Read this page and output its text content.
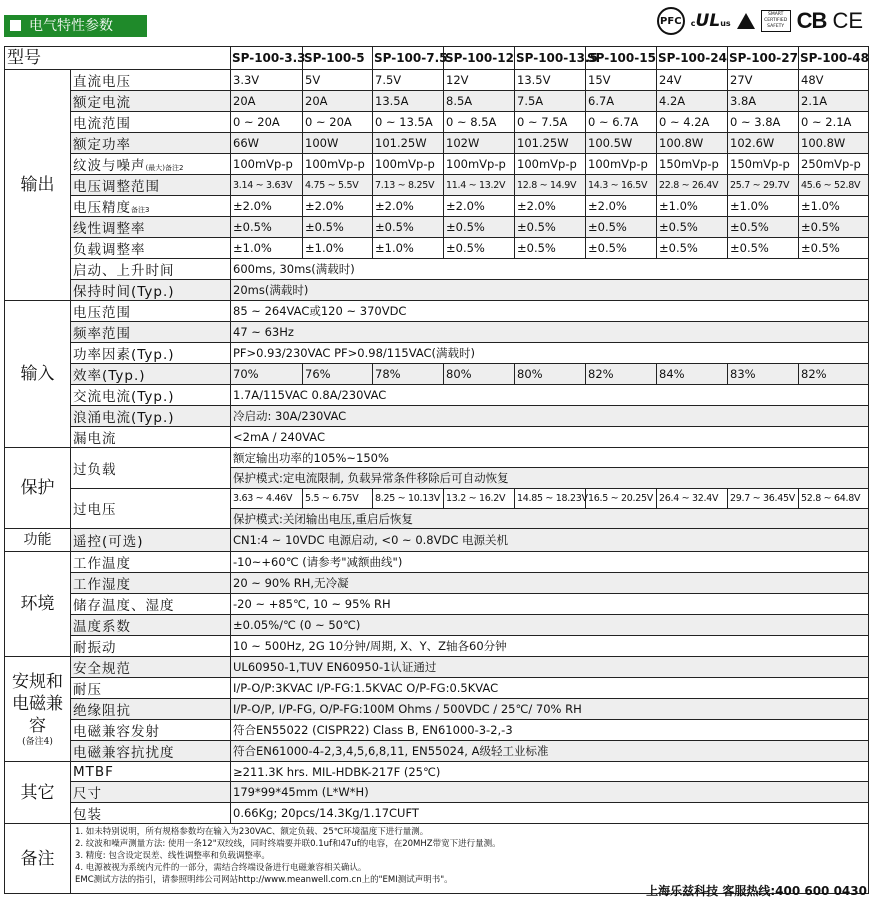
电气特性参数	PFC cULus
SMART CERTIFIED SAFETY CB CE
型号		SP-100-3.3	SP-100-5	SP-100-7.5	SP-100-12	SP-100-13.5	SP-100-15	SP-100-24	SP-100-27	SP-100-48
输出	直流电压	3.3V	5V	7.5V	12V	13.5V	15V	24V	27V	48V
	额定电流	20A	20A	13.5A	8.5A	7.5A	6.7A	4.2A	3.8A	2.1A
	电流范围	0 ~ 20A	0 ~ 20A	0 ~ 13.5A	0 ~ 8.5A	0 ~ 7.5A	0 ~ 6.7A	0 ~ 4.2A	0 ~ 3.8A	0 ~ 2.1A
	额定功率	66W	100W	101.25W	102W	101.25W	100.5W	100.8W	102.6W	100.8W
	纹波与噪声(最大)备注2	100mVp-p	100mVp-p	100mVp-p	100mVp-p	100mVp-p	100mVp-p	150mVp-p	150mVp-p	250mVp-p
	电压调整范围	3.14 ~ 3.63V	4.75 ~ 5.5V	7.13 ~ 8.25V	11.4 ~ 13.2V	12.8 ~ 14.9V	14.3 ~ 16.5V	22.8 ~ 26.4V	25.7 ~ 29.7V	45.6 ~ 52.8V
	电压精度备注3	±2.0%	±2.0%	±2.0%	±2.0%	±2.0%	±2.0%	±1.0%	±1.0%	±1.0%
	线性调整率	±0.5%	±0.5%	±0.5%	±0.5%	±0.5%	±0.5%	±0.5%	±0.5%	±0.5%
	负载调整率	±1.0%	±1.0%	±1.0%	±0.5%	±0.5%	±0.5%	±0.5%	±0.5%	±0.5%
	启动、上升时间	600ms, 30ms(满载时)								
	保持时间(Typ.)	20ms(满载时)								
输入	电压范围	85 ~ 264VAC或120 ~ 370VDC								
	频率范围	47 ~ 63Hz								
	功率因素(Typ.)	PF>0.93/230VAC PF>0.98/115VAC(满载时)								
	效率(Typ.)	70%	76%	78%	80%	80%	82%	84%	83%	82%
	交流电流(Typ.)	1.7A/115VAC 0.8A/230VAC								
	浪涌电流(Typ.)	冷启动: 30A/230VAC								
	漏电流	<2mA / 240VAC								
保护	过负载	额定输出功率的105%~150%								
		保护模式:定电流限制, 负载异常条件移除后可自动恢复								
	过电压	3.63 ~ 4.46V	5.5 ~ 6.75V	8.25 ~ 10.13V	13.2 ~ 16.2V	14.85 ~ 18.23V	16.5 ~ 20.25V	26.4 ~ 32.4V	29.7 ~ 36.45V	52.8 ~ 64.8V
		保护模式:关闭输出电压,重启后恢复								
功能	遥控(可选)	CN1:4 ~ 10VDC 电源启动, <0 ~ 0.8VDC 电源关机								
环境	工作温度	-10~+60℃ (请参考"减额曲线")								
	工作湿度	20 ~ 90% RH,无冷凝								
	储存温度、湿度	-20 ~ +85℃, 10 ~ 95% RH								
	温度系数	±0.05%/℃ (0 ~ 50℃)								
	耐振动	10 ~ 500Hz, 2G 10分钟/周期, X、Y、Z轴各60分钟								
安规和电磁兼容
(备注4)	安全规范	UL60950-1,TUV EN60950-1认证通过								
	耐压	I/P-O/P:3KVAC I/P-FG:1.5KVAC O/P-FG:0.5KVAC								
	绝缘阻抗	I/P-O/P, I/P-FG, O/P-FG:100M Ohms / 500VDC / 25℃/ 70% RH								
	电磁兼容发射	符合EN55022 (CISPR22) Class B, EN61000-3-2,-3								
	电磁兼容抗扰度	符合EN61000-4-2,3,4,5,6,8,11, EN55024, A级轻工业标准								
其它	MTBF	≥211.3K hrs. MIL-HDBK-217F (25℃)								
	尺寸	179*99*45mm (L*W*H)								
	包装	0.66Kg; 20pcs/14.3Kg/1.17CUFT								
备注	1. 如未特别说明，所有规格参数均在输入为230VAC、额定负载、25℃环境温度下进行量测。
2. 纹波和噪声测量方法: 使用一条12"双绞线，同时终端要并联0.1uf和47uf的电容，在20MHZ带宽下进行量测。
3. 精度: 包含设定误差、线性调整率和负载调整率。
4. 电源被视为系统内元件的一部分，需结合终端设备进行电磁兼容相关确认。
EMC测试方法的指引，请参照明纬公司网站http://www.meanwell.com.cn上的"EMI测试声明书"。									
上海乐兹科技 客服热线:400 600 0430
